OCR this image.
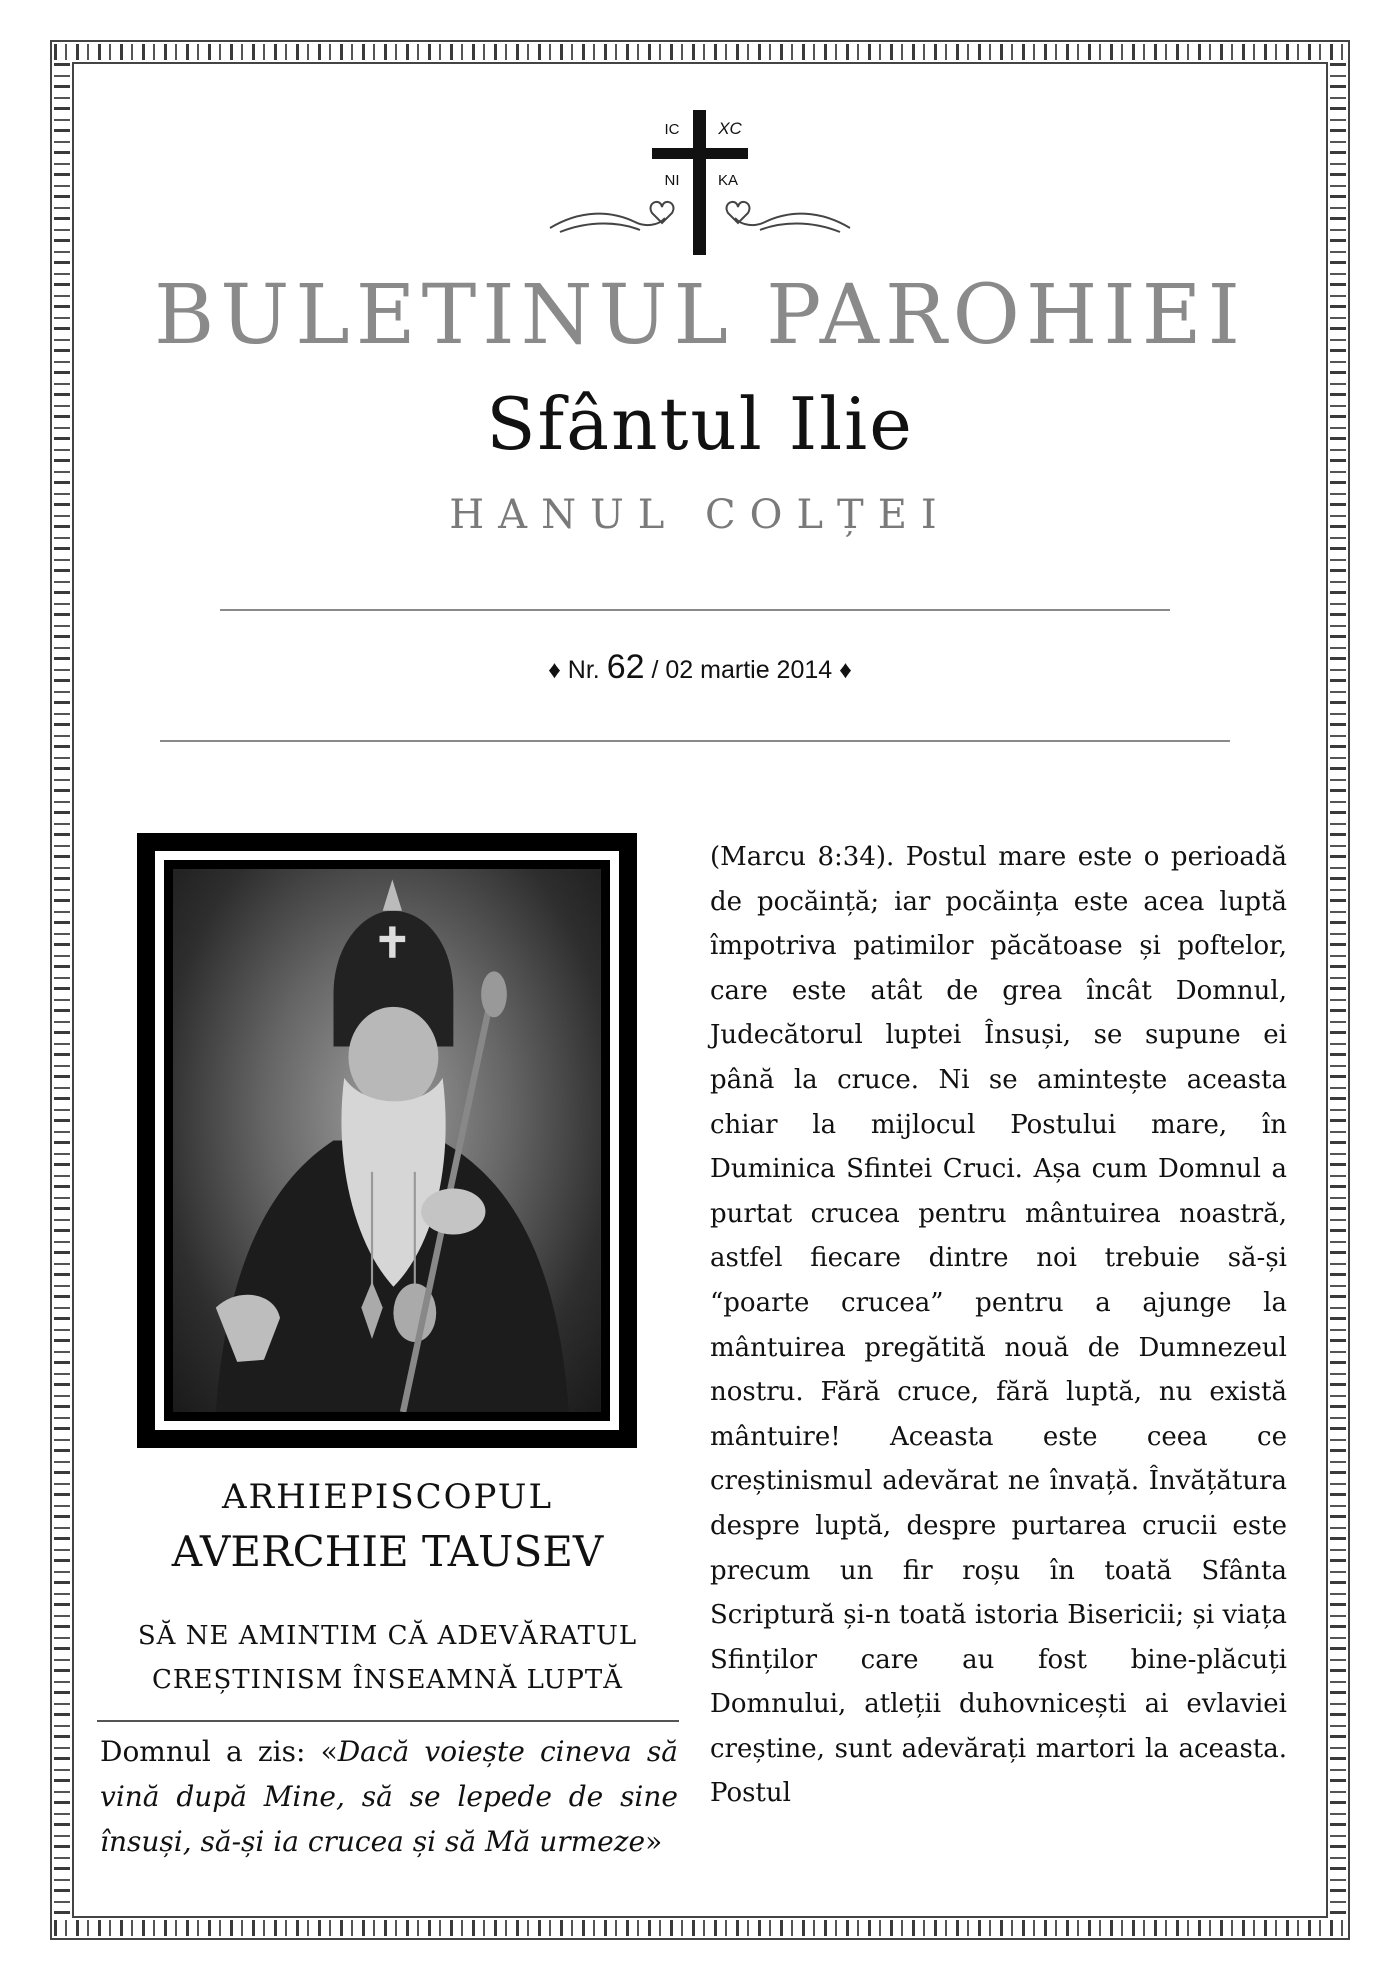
IC XC
NI	KA
BULETINUL PAROHIEI
Sfântul Ilie
HANUL COLȚEI
♦ Nr. 62 / 02 martie 2014 ♦
ARHIEPISCOPUL
AVERCHIE TAUSEV
SĂ NE AMINTIM CĂ ADEVĂRATUL CREȘTINISM ÎNSEAMNĂ LUPTĂ
Domnul a zis: «Dacă voiește cineva să vină după Mine, să se lepede de sine însuși, să-și ia crucea și să Mă urmeze»
(Marcu 8:34). Postul mare este o perioadă de pocăință; iar pocăința este acea luptă împotriva patimilor păcătoase și poftelor, care este atât de grea încât Domnul, Judecătorul luptei Însuși, se supune ei până la cruce. Ni se amintește aceasta chiar la mijlocul Postului mare, în Duminica Sfintei Cruci. Așa cum Domnul a purtat crucea pentru mântuirea noastră, astfel fiecare dintre noi trebuie să-și “poarte crucea” pentru a ajunge la mântuirea pregătită nouă de Dumnezeul nostru. Fără cruce, fără luptă, nu există mântuire! Aceasta este ceea ce creștinismul adevărat ne învață. Învățătura despre luptă, despre purtarea crucii este precum un fir roșu în toată Sfânta Scriptură și-n toată istoria Bisericii; și viața Sfinților care au fost bine-plăcuți Domnului, atleții duhovnicești ai evlaviei creștine, sunt adevărați martori la aceasta. Postul
